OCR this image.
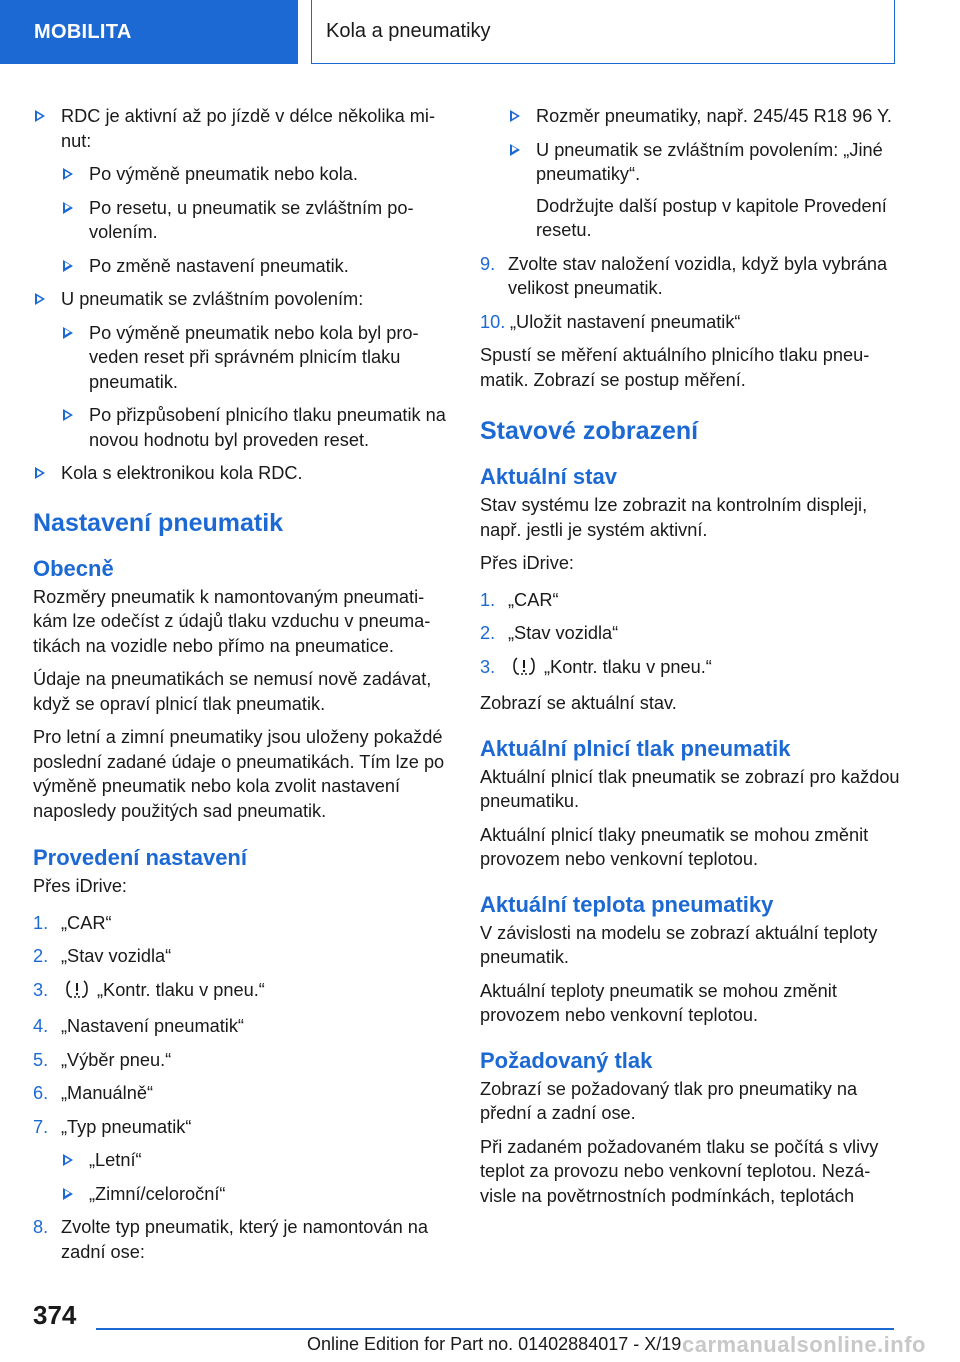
MOBILITA	Kola a pneumatiky
RDC je aktivní až po jízdě v délce několika minut:
Po výměně pneumatik nebo kola.
Po resetu, u pneumatik se zvláštním povolením.
Po změně nastavení pneumatik.
U pneumatik se zvláštním povolením:
Po výměně pneumatik nebo kola byl proveden reset při správném plnicím tlaku pneumatik.
Po přizpůsobení plnicího tlaku pneumatik na novou hodnotu byl proveden reset.
Kola s elektronikou kola RDC.
Nastavení pneumatik
Obecně
Rozměry pneumatik k namontovaným pneumatikám lze odečíst z údajů tlaku vzduchu v pneumatikách na vozidle nebo přímo na pneumatice.
Údaje na pneumatikách se nemusí nově zadávat, když se opraví plnicí tlak pneumatik.
Pro letní a zimní pneumatiky jsou uloženy pokaždé poslední zadané údaje o pneumatikách. Tím lze po výměně pneumatik nebo kola zvolit nastavení naposledy použitých sad pneumatik.
Provedení nastavení
Přes iDrive:
1. „CAR“
2. „Stav vozidla“
3.	„Kontr. tlaku v pneu.“
4. „Nastavení pneumatik“
5. „Výběr pneu.“
6. „Manuálně“
7. „Typ pneumatik“
„Letní“
„Zimní/celoroční“
8. Zvolte typ pneumatik, který je namontován na zadní ose:
Rozměr pneumatiky, např. 245/45 R18 96 Y.
U pneumatik se zvláštním povolením: „Jiné pneumatiky“.
Dodržujte další postup v kapitole Provedení resetu.
9. Zvolte stav naložení vozidla, když byla vybrána velikost pneumatik.
10. „Uložit nastavení pneumatik“
Spustí se měření aktuálního plnicího tlaku pneumatik. Zobrazí se postup měření.
Stavové zobrazení
Aktuální stav
Stav systému lze zobrazit na kontrolním displeji, např. jestli je systém aktivní.
Přes iDrive:
1. „CAR“
2. „Stav vozidla“
3.	„Kontr. tlaku v pneu.“
Zobrazí se aktuální stav.
Aktuální plnicí tlak pneumatik
Aktuální plnicí tlak pneumatik se zobrazí pro každou pneumatiku.
Aktuální plnicí tlaky pneumatik se mohou změnit provozem nebo venkovní teplotou.
Aktuální teplota pneumatiky
V závislosti na modelu se zobrazí aktuální teploty pneumatik.
Aktuální teploty pneumatik se mohou změnit provozem nebo venkovní teplotou.
Požadovaný tlak
Zobrazí se požadovaný tlak pro pneumatiky na přední a zadní ose.
Při zadaném požadovaném tlaku se počítá s vlivy teplot za provozu nebo venkovní teplotou. Nezávisle na povětrnostních podmínkách, teplotách
374
Online Edition for Part no. 01402884017 - X/19 carmanualsonline.info
